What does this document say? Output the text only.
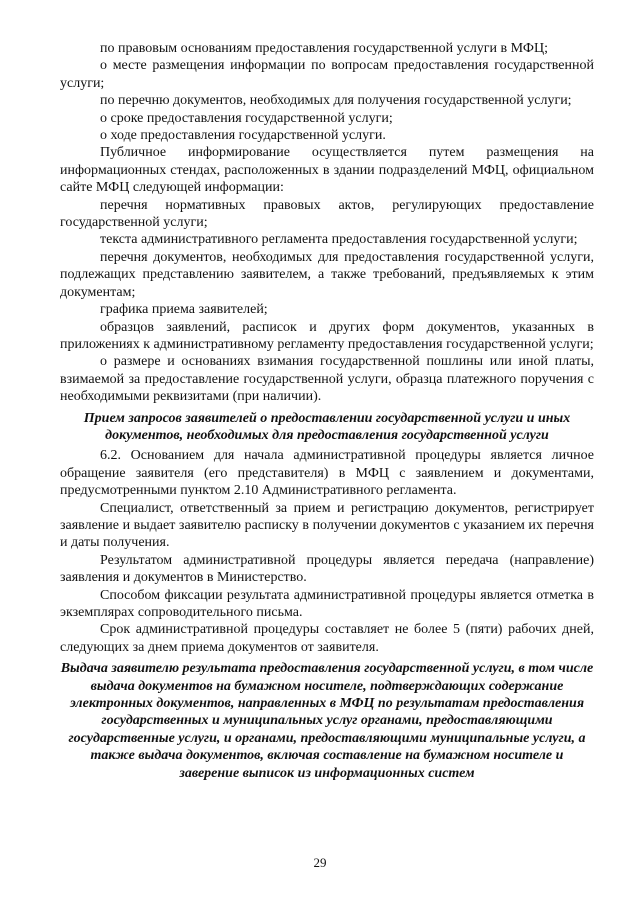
по правовым основаниям предоставления государственной услуги в МФЦ;

о месте размещения информации по вопросам предоставления государственной услуги;

по перечню документов, необходимых для получения государственной услуги;

о сроке предоставления государственной услуги;

о ходе предоставления государственной услуги.

Публичное информирование осуществляется путем размещения на информационных стендах, расположенных в здании подразделений МФЦ, официальном сайте МФЦ следующей информации:

перечня нормативных правовых актов, регулирующих предоставление государственной услуги;

текста административного регламента предоставления государственной услуги;

перечня документов, необходимых для предоставления государственной услуги, подлежащих представлению заявителем, а также требований, предъявляемых к этим документам;

графика приема заявителей;

образцов заявлений, расписок и других форм документов, указанных в приложениях к административному регламенту предоставления государственной услуги;

о размере и основаниях взимания государственной пошлины или иной платы, взимаемой за предоставление государственной услуги, образца платежного поручения с необходимыми реквизитами (при наличии).

Прием запросов заявителей о предоставлении государственной услуги и иных документов, необходимых для предоставления государственной услуги

6.2. Основанием для начала административной процедуры является личное обращение заявителя (его представителя) в МФЦ с заявлением и документами, предусмотренными пунктом 2.10 Административного регламента.

Специалист, ответственный за прием и регистрацию документов, регистрирует заявление и выдает заявителю расписку в получении документов с указанием их перечня и даты получения.

Результатом административной процедуры является передача (направление) заявления и документов в Министерство.

Способом фиксации результата административной процедуры является отметка в экземплярах сопроводительного письма.

Срок административной процедуры составляет не более 5 (пяти) рабочих дней, следующих за днем приема документов от заявителя.

Выдача заявителю результата предоставления государственной услуги, в том числе выдача документов на бумажном носителе, подтверждающих содержание электронных документов, направленных в МФЦ по результатам предоставления государственных и муниципальных услуг органами, предоставляющими государственные услуги, и органами, предоставляющими муниципальные услуги, а также выдача документов, включая составление на бумажном носителе и заверение выписок из информационных систем

29
